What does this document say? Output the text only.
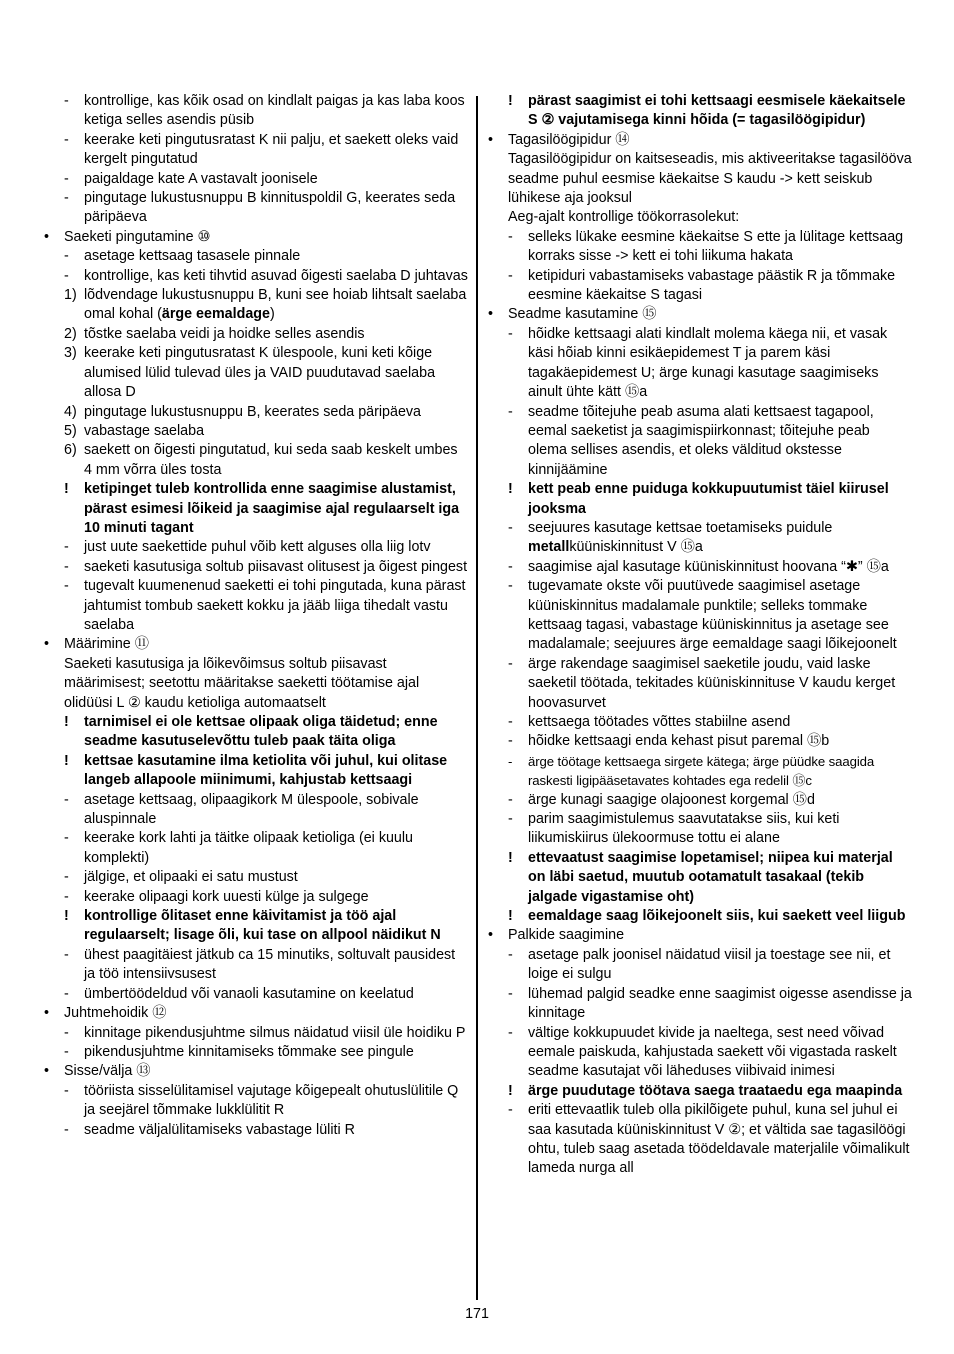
- kontrollige, kas kõik osad on kindlalt paigas ja kas laba koos ketiga selles asendis püsib
- keerake keti pingutusratast K nii palju, et saekett oleks vaid kergelt pingutatud
- paigaldage kate A vastavalt joonisele
- pingutage lukustusnuppu B kinnituspoldil G, keerates seda päripäeva
• Saeketi pingutamine ⑩
- asetage kettsaag tasasele pinnale
- kontrollige, kas keti tihvtid asuvad õigesti saelaba D juhtavas
1) lõdvendage lukustusnuppu B, kuni see hoiab lihtsalt saelaba omal kohal (ärge eemaldage)
2) tõstke saelaba veidi ja hoidke selles asendis
3) keerake keti pingutusratast K ülespoole, kuni keti kõige alumised lülid tulevad üles ja VAID puudutavad saelaba allosa D
4) pingutage lukustusnuppu B, keerates seda päripäeva
5) vabastage saelaba
6) saekett on õigesti pingutatud, kui seda saab keskelt umbes 4 mm võrra üles tosta
! ketipinget tuleb kontrollida enne saagimise alustamist, pärast esimesi lõikeid ja saagimise ajal regulaarselt iga 10 minuti tagant
- just uute saekettide puhul võib kett alguses olla liig lotv
- saeketi kasutusiga soltub piisavast olitusest ja õigest pingest
- tugevalt kuumenenud saeketti ei tohi pingutada, kuna pärast jahtumist tombub saekett kokku ja jääb liiga tihedalt vastu saelaba
• Määrimine ⑪
Saeketi kasutusiga ja lõikevõimsus soltub piisavast määrimisest; seetottu määritakse saeketti töötamise ajal olidüüsi L ② kaudu ketioliga automaatselt
! tarnimisel ei ole kettsae olipaak oliga täidetud; enne seadme kasutuselevõttu tuleb paak täita oliga
! kettsae kasutamine ilma ketiolita või juhul, kui olitase langeb allapoole miinimumi, kahjustab kettsaagi
- asetage kettsaag, olipaagikork M ülespoole, sobivale aluspinnale
- keerake kork lahti ja täitke olipaak ketioliga (ei kuulu komplekti)
- jälgige, et olipaaki ei satu mustust
- keerake olipaagi kork uuesti külge ja sulgege
! kontrollige õlitaset enne käivitamist ja töö ajal regulaarselt; lisage õli, kui tase on allpool näidikut N
- ühest paagitäiest jätkub ca 15 minutiks, soltuvalt pausidest ja töö intensiivsusest
- ümbertöödeldud või vanaoli kasutamine on keelatud
• Juhtmehoidik ⑫
- kinnitage pikendusjuhtme silmus näidatud viisil üle hoidiku P
- pikendusjuhtme kinnitamiseks tõmmake see pingule
• Sisse/välja ⑬
- tööriista sisselülitamisel vajutage kõigepealt ohutuslülitile Q ja seejärel tõmmake lukklülitit R
- seadme väljalülitamiseks vabastage lüliti R
! pärast saagimist ei tohi kettsaagi eesmisele käekaitsele S ② vajutamisega kinni hõida (= tagasilöögipidur)
• Tagasilöögipidur ⑭
Tagasilöögipidur on kaitseseadis, mis aktiveeritakse tagasilööva seadme puhul eesmise käekaitse S kaudu -> kett seiskub lühikese aja jooksul
Aeg-ajalt kontrollige töökorrasolekut:
- selleks lükake eesmine käekaitse S ette ja lülitage kettsaag korraks sisse -> kett ei tohi liikuma hakata
- ketipiduri vabastamiseks vabastage päästik R ja tõmmake eesmine käekaitse S tagasi
• Seadme kasutamine ⑮
- hõidke kettsaagi alati kindlalt molema käega nii, et vasak käsi hõiab kinni esikäepidemest T ja parem käsi tagakäepidemest U; ärge kunagi kasutage saagimiseks ainult ühte kätt ⑮a
- seadme tõitejuhe peab asuma alati kettsaest tagapool, eemal saeketist ja saagimispiirkonnast; tõitejuhe peab olema sellises asendis, et oleks välditud okstesse kinnijäämine
! kett peab enne puiduga kokkupuutumist täiel kiirusel jooksma
- seejuures kasutage kettsae toetamiseks puidule metallküüniskinnitust V ⑮a
- saagimise ajal kasutage küüniskinnitust hoovana “✱” ⑮a
- tugevamate okste või puutüvede saagimisel asetage küüniskinnitus madalamale punktile; selleks tommake kettsaag tagasi, vabastage küüniskinnitus ja asetage see madalamale; seejuures ärge eemaldage saagi lõikejoonelt
- ärge rakendage saagimisel saeketile joudu, vaid laske saeketil töötada, tekitades küüniskinnituse V kaudu kerget hoovasurvet
- kettsaega töötades võttes stabiilne asend
- hõidke kettsaagi enda kehast pisut paremal ⑮b
- ärge töötage kettsaega sirgete kätega; ärge püüdke saagida raskesti ligipääsetavates kohtades ega redelil ⑮c
- ärge kunagi saagige olajoonest korgemal ⑮d
- parim saagimistulemus saavutatakse siis, kui keti liikumiskiirus ülekoormuse tottu ei alane
! ettevaatust saagimise lopetamisel; niipea kui materjal on läbi saetud, muutub ootamatult tasakaal (tekib jalgade vigastamise oht)
! eemaldage saag lõikejoonelt siis, kui saekett veel liigub
• Palkide saagimine
- asetage palk joonisel näidatud viisil ja toestage see nii, et loige ei sulgu
- lühemad palgid seadke enne saagimist oigesse asendisse ja kinnitage
- vältige kokkupuudet kivide ja naeltega, sest need võivad eemale paiskuda, kahjustada saekett või vigastada raskelt seadme kasutajat või läheduses viibivaid inimesi
! ärge puudutage töötava saega traataedu ega maapinda
- eriti ettevaatlik tuleb olla pikilõigete puhul, kuna sel juhul ei saa kasutada küüniskinnitust V ②; et vältida sae tagasilöögi ohtu, tuleb saag asetada töödeldavale materjalile võimalikult lameda nurga all
171
